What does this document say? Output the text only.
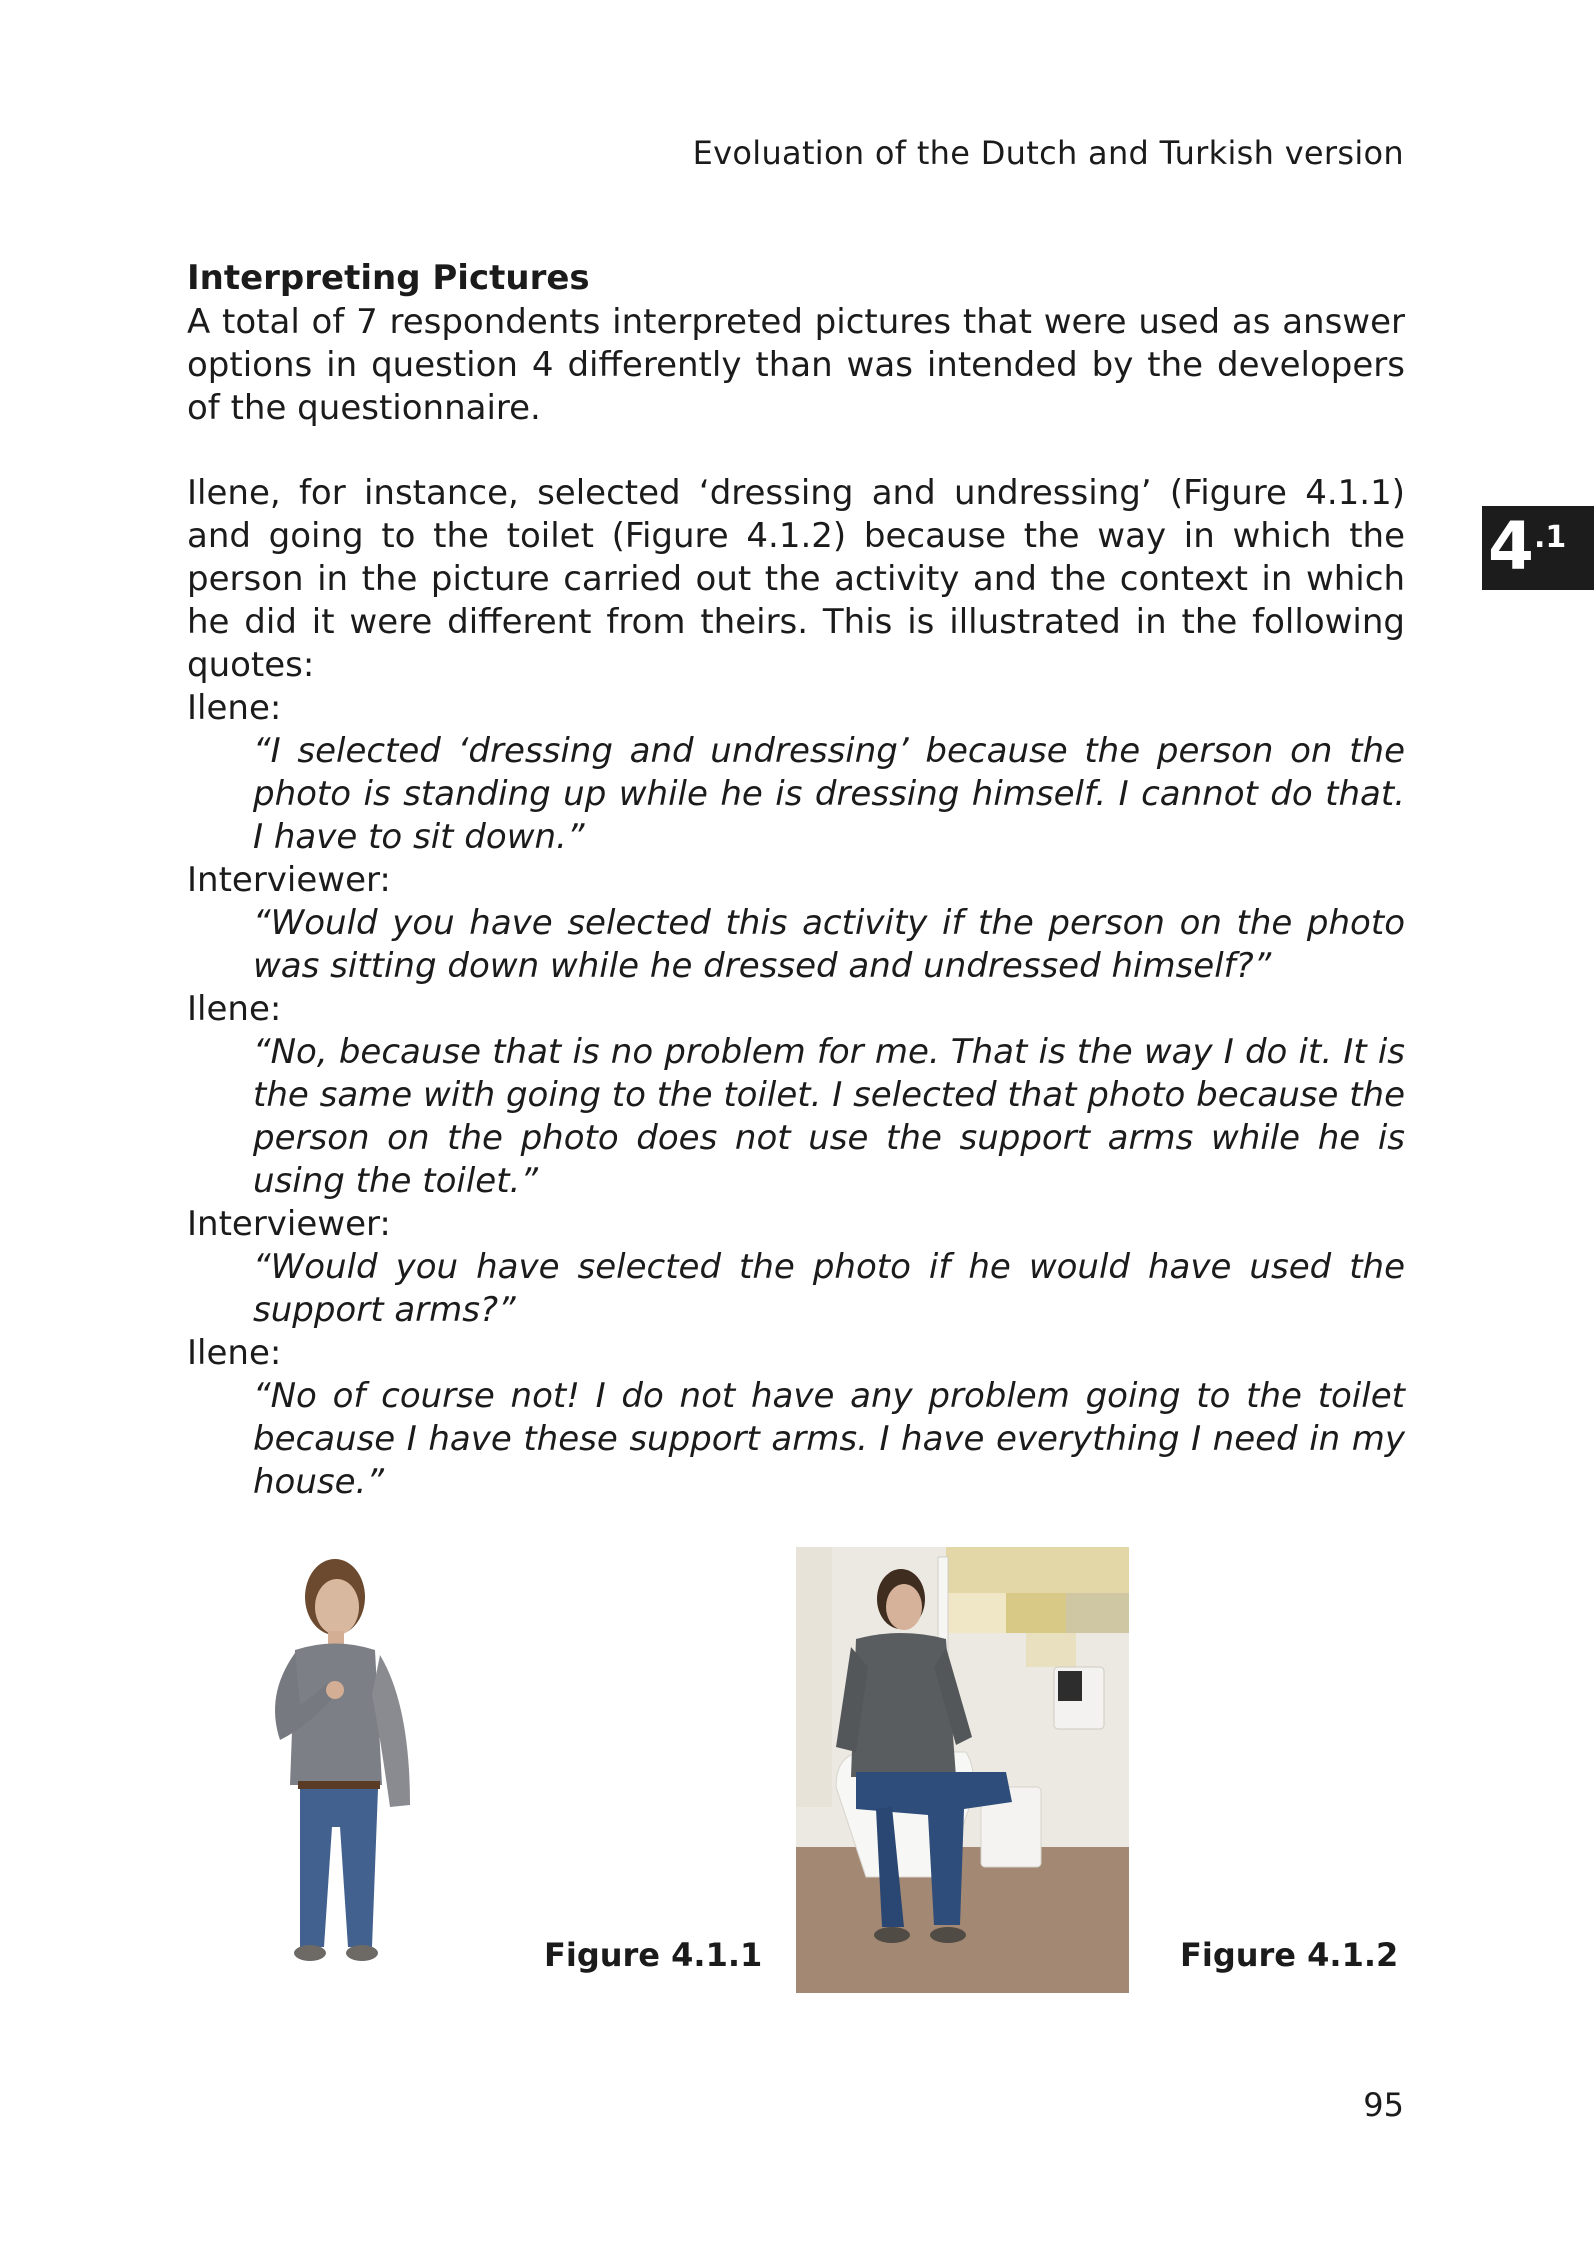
Evoluation of the Dutch and Turkish version
4 .1
Interpreting Pictures

A total of 7 respondents interpreted pictures that were used as answer options in question 4 differently than was intended by the developers of the questionnaire.

Ilene, for instance, selected ‘dressing and undressing’ (Figure 4.1.1) and going to the toilet (Figure 4.1.2) because the way in which the person in the picture carried out the activity and the context in which he did it were different from theirs. This is illustrated in the following quotes:

Ilene:
“I selected ‘dressing and undressing’ because the person on the photo is standing up while he is dressing himself. I cannot do that. I have to sit down.”
Interviewer:
“Would you have selected this activity if the person on the photo was sitting down while he dressed and undressed himself?”
Ilene:
“No, because that is no problem for me. That is the way I do it. It is the same with going to the toilet. I selected that photo because the person on the photo does not use the support arms while he is using the toilet.”
Interviewer:
“Would you have selected the photo if he would have used the support arms?”
Ilene:
“No of course not! I do not have any problem going to the toilet because I have these support arms. I have everything I need in my house.”
Figure 4.1.1	Figure 4.1.2
95
